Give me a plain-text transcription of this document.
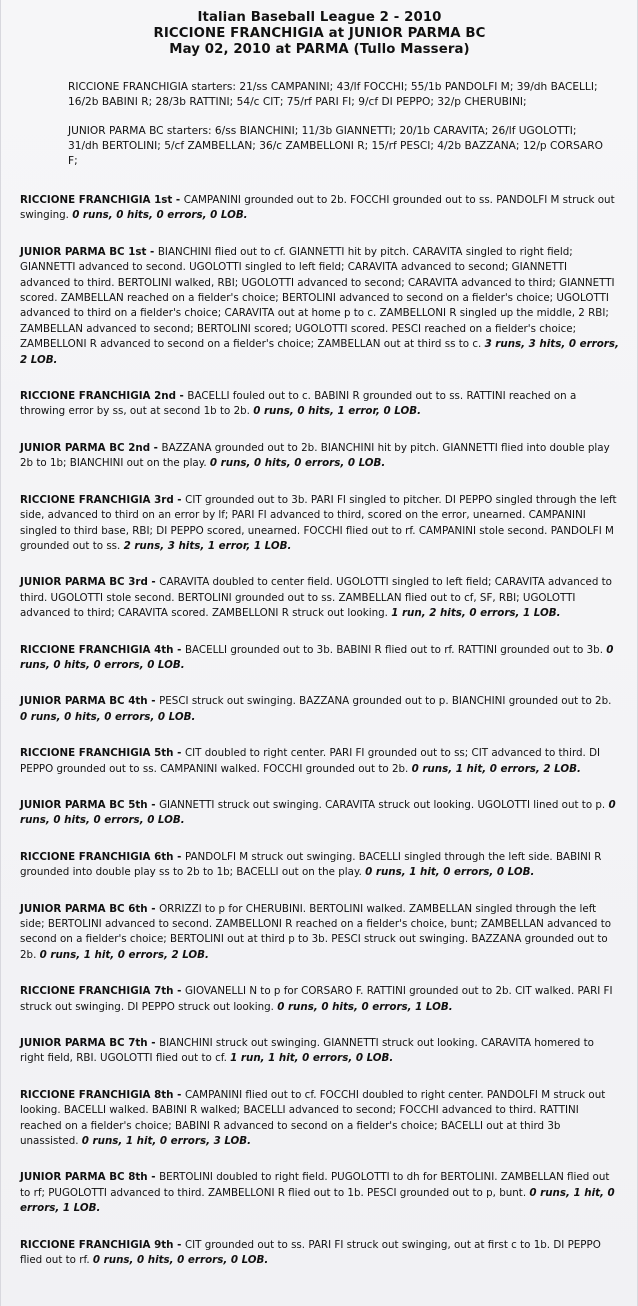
Italian Baseball League 2 - 2010
RICCIONE FRANCHIGIA at JUNIOR PARMA BC
May 02, 2010 at PARMA (Tullo Massera)

RICCIONE FRANCHIGIA starters: 21/ss CAMPANINI; 43/lf FOCCHI; 55/1b PANDOLFI M; 39/dh BACELLI; 16/2b BABINI R; 28/3b RATTINI; 54/c CIT; 75/rf PARI FI; 9/cf DI PEPPO; 32/p CHERUBINI;

JUNIOR PARMA BC starters: 6/ss BIANCHINI; 11/3b GIANNETTI; 20/1b CARAVITA; 26/lf UGOLOTTI; 31/dh BERTOLINI; 5/cf ZAMBELLAN; 36/c ZAMBELLONI R; 15/rf PESCI; 4/2b BAZZANA; 12/p CORSARO F;

RICCIONE FRANCHIGIA 1st - CAMPANINI grounded out to 2b. FOCCHI grounded out to ss. PANDOLFI M struck out swinging. 0 runs, 0 hits, 0 errors, 0 LOB.

JUNIOR PARMA BC 1st - BIANCHINI flied out to cf. GIANNETTI hit by pitch. CARAVITA singled to right field; GIANNETTI advanced to second. UGOLOTTI singled to left field; CARAVITA advanced to second; GIANNETTI advanced to third. BERTOLINI walked, RBI; UGOLOTTI advanced to second; CARAVITA advanced to third; GIANNETTI scored. ZAMBELLAN reached on a fielder's choice; BERTOLINI advanced to second on a fielder's choice; UGOLOTTI advanced to third on a fielder's choice; CARAVITA out at home p to c. ZAMBELLONI R singled up the middle, 2 RBI; ZAMBELLAN advanced to second; BERTOLINI scored; UGOLOTTI scored. PESCI reached on a fielder's choice; ZAMBELLONI R advanced to second on a fielder's choice; ZAMBELLAN out at third ss to c. 3 runs, 3 hits, 0 errors, 2 LOB.

RICCIONE FRANCHIGIA 2nd - BACELLI fouled out to c. BABINI R grounded out to ss. RATTINI reached on a throwing error by ss, out at second 1b to 2b. 0 runs, 0 hits, 1 error, 0 LOB.

JUNIOR PARMA BC 2nd - BAZZANA grounded out to 2b. BIANCHINI hit by pitch. GIANNETTI flied into double play 2b to 1b; BIANCHINI out on the play. 0 runs, 0 hits, 0 errors, 0 LOB.

RICCIONE FRANCHIGIA 3rd - CIT grounded out to 3b. PARI FI singled to pitcher. DI PEPPO singled through the left side, advanced to third on an error by lf; PARI FI advanced to third, scored on the error, unearned. CAMPANINI singled to third base, RBI; DI PEPPO scored, unearned. FOCCHI flied out to rf. CAMPANINI stole second. PANDOLFI M grounded out to ss. 2 runs, 3 hits, 1 error, 1 LOB.

JUNIOR PARMA BC 3rd - CARAVITA doubled to center field. UGOLOTTI singled to left field; CARAVITA advanced to third. UGOLOTTI stole second. BERTOLINI grounded out to ss. ZAMBELLAN flied out to cf, SF, RBI; UGOLOTTI advanced to third; CARAVITA scored. ZAMBELLONI R struck out looking. 1 run, 2 hits, 0 errors, 1 LOB.

RICCIONE FRANCHIGIA 4th - BACELLI grounded out to 3b. BABINI R flied out to rf. RATTINI grounded out to 3b. 0 runs, 0 hits, 0 errors, 0 LOB.

JUNIOR PARMA BC 4th - PESCI struck out swinging. BAZZANA grounded out to p. BIANCHINI grounded out to 2b. 0 runs, 0 hits, 0 errors, 0 LOB.

RICCIONE FRANCHIGIA 5th - CIT doubled to right center. PARI FI grounded out to ss; CIT advanced to third. DI PEPPO grounded out to ss. CAMPANINI walked. FOCCHI grounded out to 2b. 0 runs, 1 hit, 0 errors, 2 LOB.

JUNIOR PARMA BC 5th - GIANNETTI struck out swinging. CARAVITA struck out looking. UGOLOTTI lined out to p. 0 runs, 0 hits, 0 errors, 0 LOB.

RICCIONE FRANCHIGIA 6th - PANDOLFI M struck out swinging. BACELLI singled through the left side. BABINI R grounded into double play ss to 2b to 1b; BACELLI out on the play. 0 runs, 1 hit, 0 errors, 0 LOB.

JUNIOR PARMA BC 6th - ORRIZZI to p for CHERUBINI. BERTOLINI walked. ZAMBELLAN singled through the left side; BERTOLINI advanced to second. ZAMBELLONI R reached on a fielder's choice, bunt; ZAMBELLAN advanced to second on a fielder's choice; BERTOLINI out at third p to 3b. PESCI struck out swinging. BAZZANA grounded out to 2b. 0 runs, 1 hit, 0 errors, 2 LOB.

RICCIONE FRANCHIGIA 7th - GIOVANELLI N to p for CORSARO F. RATTINI grounded out to 2b. CIT walked. PARI FI struck out swinging. DI PEPPO struck out looking. 0 runs, 0 hits, 0 errors, 1 LOB.

JUNIOR PARMA BC 7th - BIANCHINI struck out swinging. GIANNETTI struck out looking. CARAVITA homered to right field, RBI. UGOLOTTI flied out to cf. 1 run, 1 hit, 0 errors, 0 LOB.

RICCIONE FRANCHIGIA 8th - CAMPANINI flied out to cf. FOCCHI doubled to right center. PANDOLFI M struck out looking. BACELLI walked. BABINI R walked; BACELLI advanced to second; FOCCHI advanced to third. RATTINI reached on a fielder's choice; BABINI R advanced to second on a fielder's choice; BACELLI out at third 3b unassisted. 0 runs, 1 hit, 0 errors, 3 LOB.

JUNIOR PARMA BC 8th - BERTOLINI doubled to right field. PUGOLOTTI to dh for BERTOLINI. ZAMBELLAN flied out to rf; PUGOLOTTI advanced to third. ZAMBELLONI R flied out to 1b. PESCI grounded out to p, bunt. 0 runs, 1 hit, 0 errors, 1 LOB.

RICCIONE FRANCHIGIA 9th - CIT grounded out to ss. PARI FI struck out swinging, out at first c to 1b. DI PEPPO flied out to rf. 0 runs, 0 hits, 0 errors, 0 LOB.
